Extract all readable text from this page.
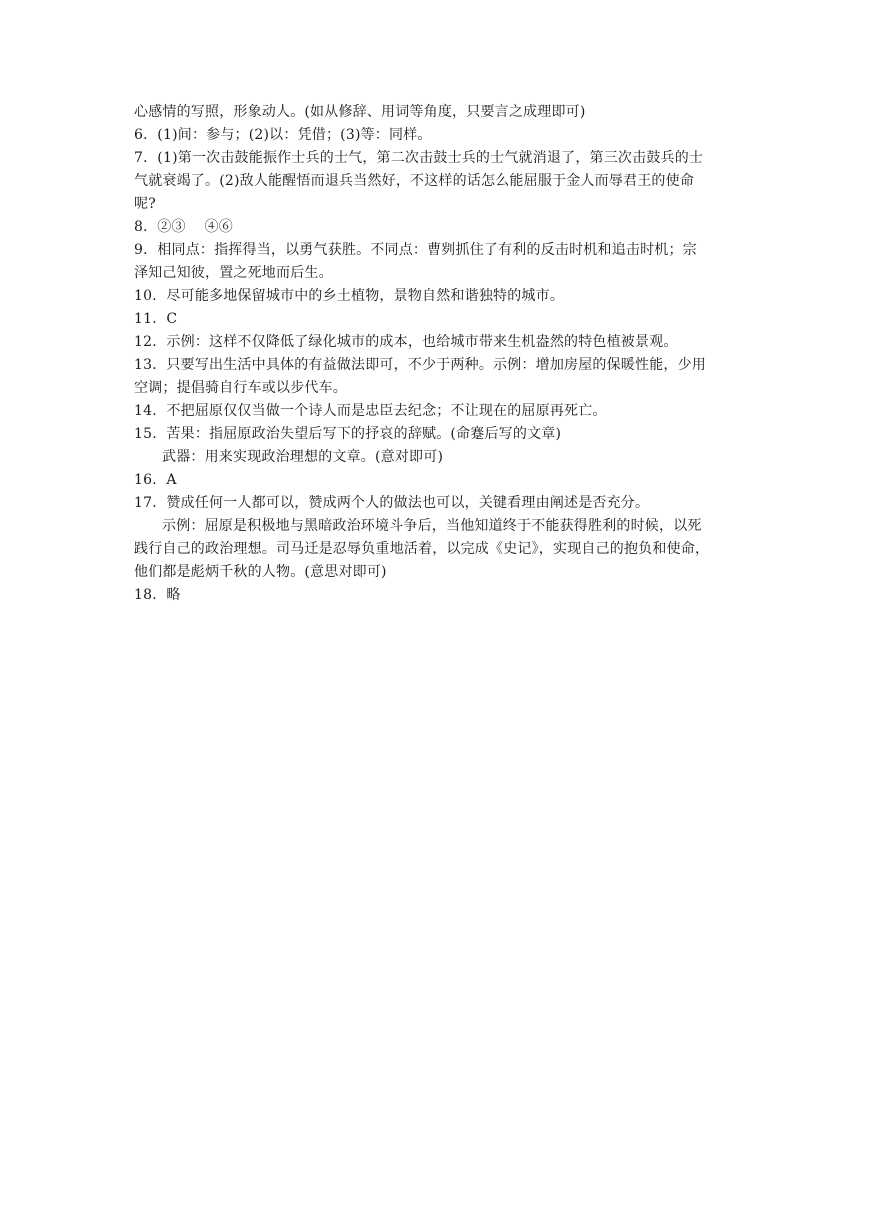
心感情的写照，形象动人。(如从修辞、用词等角度，只要言之成理即可)
6．(1)间：参与；(2)以：凭借；(3)等：同样。
7．(1)第一次击鼓能振作士兵的士气，第二次击鼓士兵的士气就消退了，第三次击鼓兵的士
气就衰竭了。(2)敌人能醒悟而退兵当然好，不这样的话怎么能屈服于金人而辱君王的使命
呢?
8．②③　 ④⑥
9．相同点：指挥得当，以勇气获胜。不同点：曹刿抓住了有利的反击时机和追击时机；宗
泽知己知彼，置之死地而后生。
10．尽可能多地保留城市中的乡土植物，景物自然和谐独特的城市。
11．C
12．示例：这样不仅降低了绿化城市的成本，也给城市带来生机盎然的特色植被景观。
13．只要写出生活中具体的有益做法即可，不少于两种。示例：增加房屋的保暖性能，少用
空调；提倡骑自行车或以步代车。
14．不把屈原仅仅当做一个诗人而是忠臣去纪念；不让现在的屈原再死亡。
15．苦果：指屈原政治失望后写下的抒哀的辞赋。(命蹇后写的文章)
武器：用来实现政治理想的文章。(意对即可)
16．A
17．赞成任何一人都可以，赞成两个人的做法也可以，关键看理由阐述是否充分。
示例：屈原是积极地与黑暗政治环境斗争后，当他知道终于不能获得胜利的时候，以死
践行自己的政治理想。司马迁是忍辱负重地活着，以完成《史记》，实现自己的抱负和使命，
他们都是彪炳千秋的人物。(意思对即可)
18．略
